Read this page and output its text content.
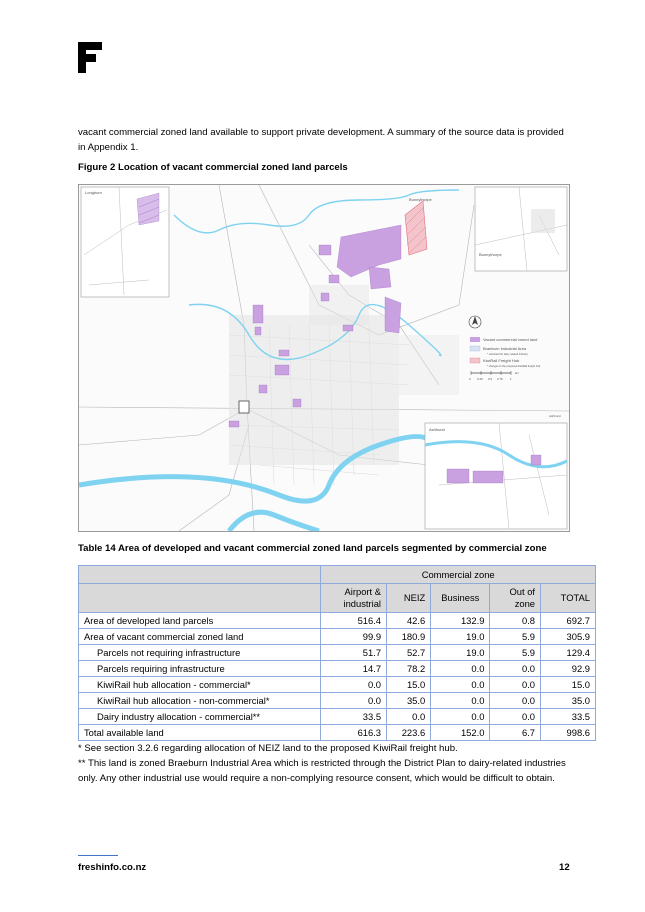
vacant commercial zoned land available to support private development. A summary of the source data is provided in Appendix 1.

Figure 2 Location of vacant commercial zoned land parcels
Longburn
Bunnythorpe
Bunnythorpe
Ashhurst
Vacant commercial zoned land
Braeburn Industrial Area
* restricted for dairy related industry
KiwiRail Freight Hub
* changes to the proposed KiwiRail freight hub
0 0.25 0.5 0.75 1
km
Ashhurst
Table 14 Area of developed and vacant commercial zoned land parcels segmented by commercial zone
	Commercial zone				
	Airport & industrial	NEIZ	Business	Out of zone	TOTAL
Area of developed land parcels	516.4	42.6	132.9	0.8	692.7
Area of vacant commercial zoned land	99.9	180.9	19.0	5.9	305.9
Parcels not requiring infrastructure	51.7	52.7	19.0	5.9	129.4
Parcels requiring infrastructure	14.7	78.2	0.0	0.0	92.9
KiwiRail hub allocation - commercial*	0.0	15.0	0.0	0.0	15.0
KiwiRail hub allocation - non-commercial*	0.0	35.0	0.0	0.0	35.0
Dairy industry allocation - commercial**	33.5	0.0	0.0	0.0	33.5
Total available land	616.3	223.6	152.0	6.7	998.6
* See section 3.2.6 regarding allocation of NEIZ land to the proposed KiwiRail freight hub.
** This land is zoned Braeburn Industrial Area which is restricted through the District Plan to dairy-related industries only. Any other industrial use would require a non-complying resource consent, which would be difficult to obtain.
freshinfo.co.nz	12
